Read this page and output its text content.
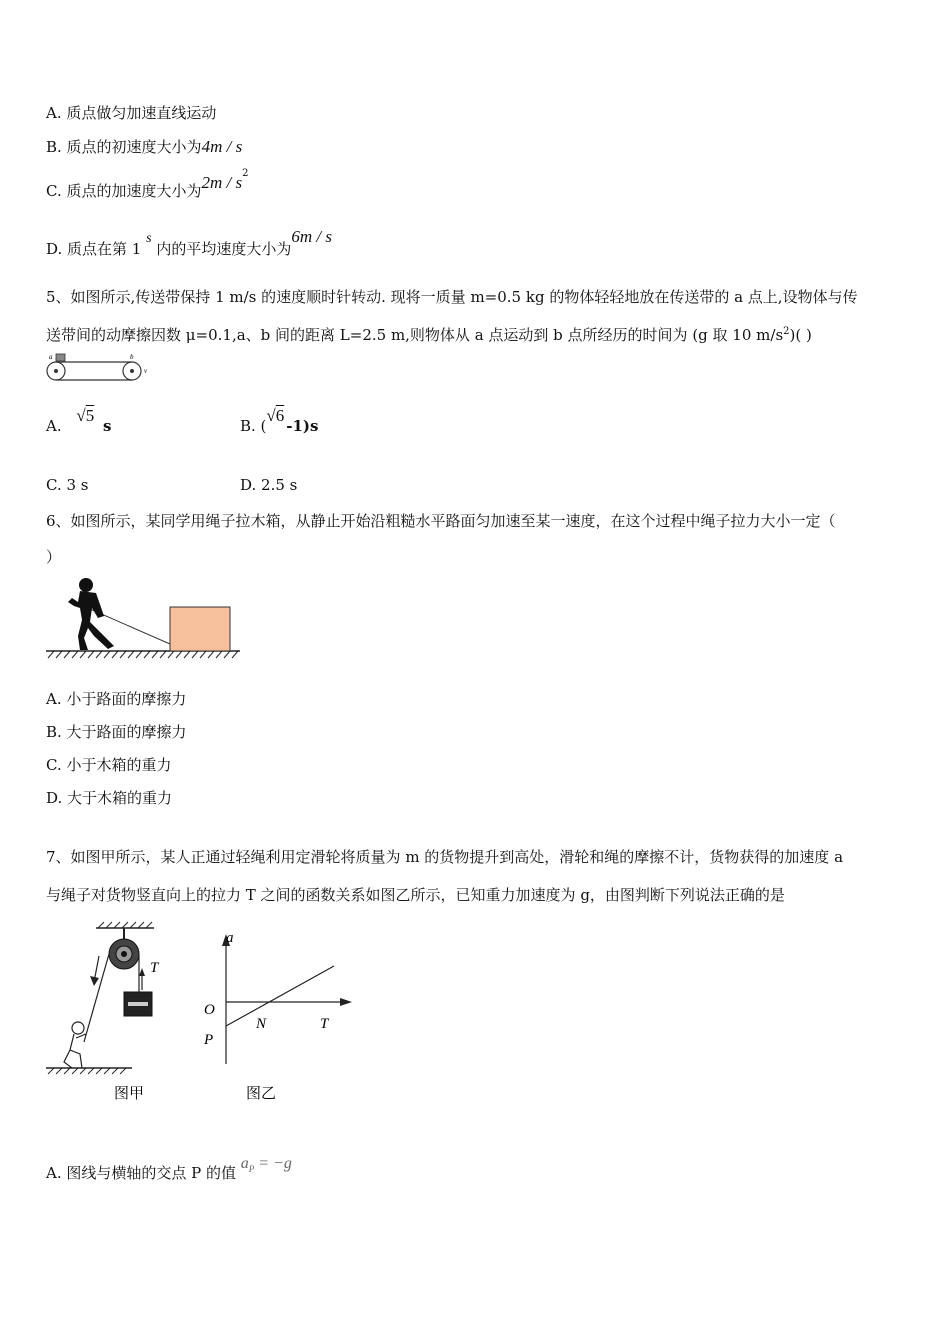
A. 质点做匀加速直线运动
B. 质点的初速度大小为4m / s
C. 质点的加速度大小为$2m / s^2$
D. 质点在第 1 s 内的平均速度大小为6m / s
5、如图所示,传送带保持 1 m/s 的速度顺时针转动. 现将一质量 m=0.5 kg 的物体轻轻地放在传送带的 a 点上,设物体与传
送带间的动摩擦因数 μ=0.1,a、b 间的距离 L=2.5 m,则物体从 a 点运动到 b 点所经历的时间为 (g 取 10 $m/s^2$)( )
a	b
v
A. √5 s	B. (√6-1)s
C. 3 s	D. 2.5 s
6、如图所示，某同学用绳子拉木箱，从静止开始沿粗糙水平路面匀加速至某一速度，在这个过程中绳子拉力大小一定（
）
A. 小于路面的摩擦力
B. 大于路面的摩擦力
C. 小于木箱的重力
D. 大于木箱的重力
7、如图甲所示，某人正通过轻绳利用定滑轮将质量为 m 的货物提升到高处，滑轮和绳的摩擦不计，货物获得的加速度 a
与绳子对货物竖直向上的拉力 T 之间的函数关系如图乙所示，已知重力加速度为 g，由图判断下列说法正确的是
T
图甲
a
O
N	T
P
图乙
A. 图线与横轴的交点 P 的值 $a_P = -g$
